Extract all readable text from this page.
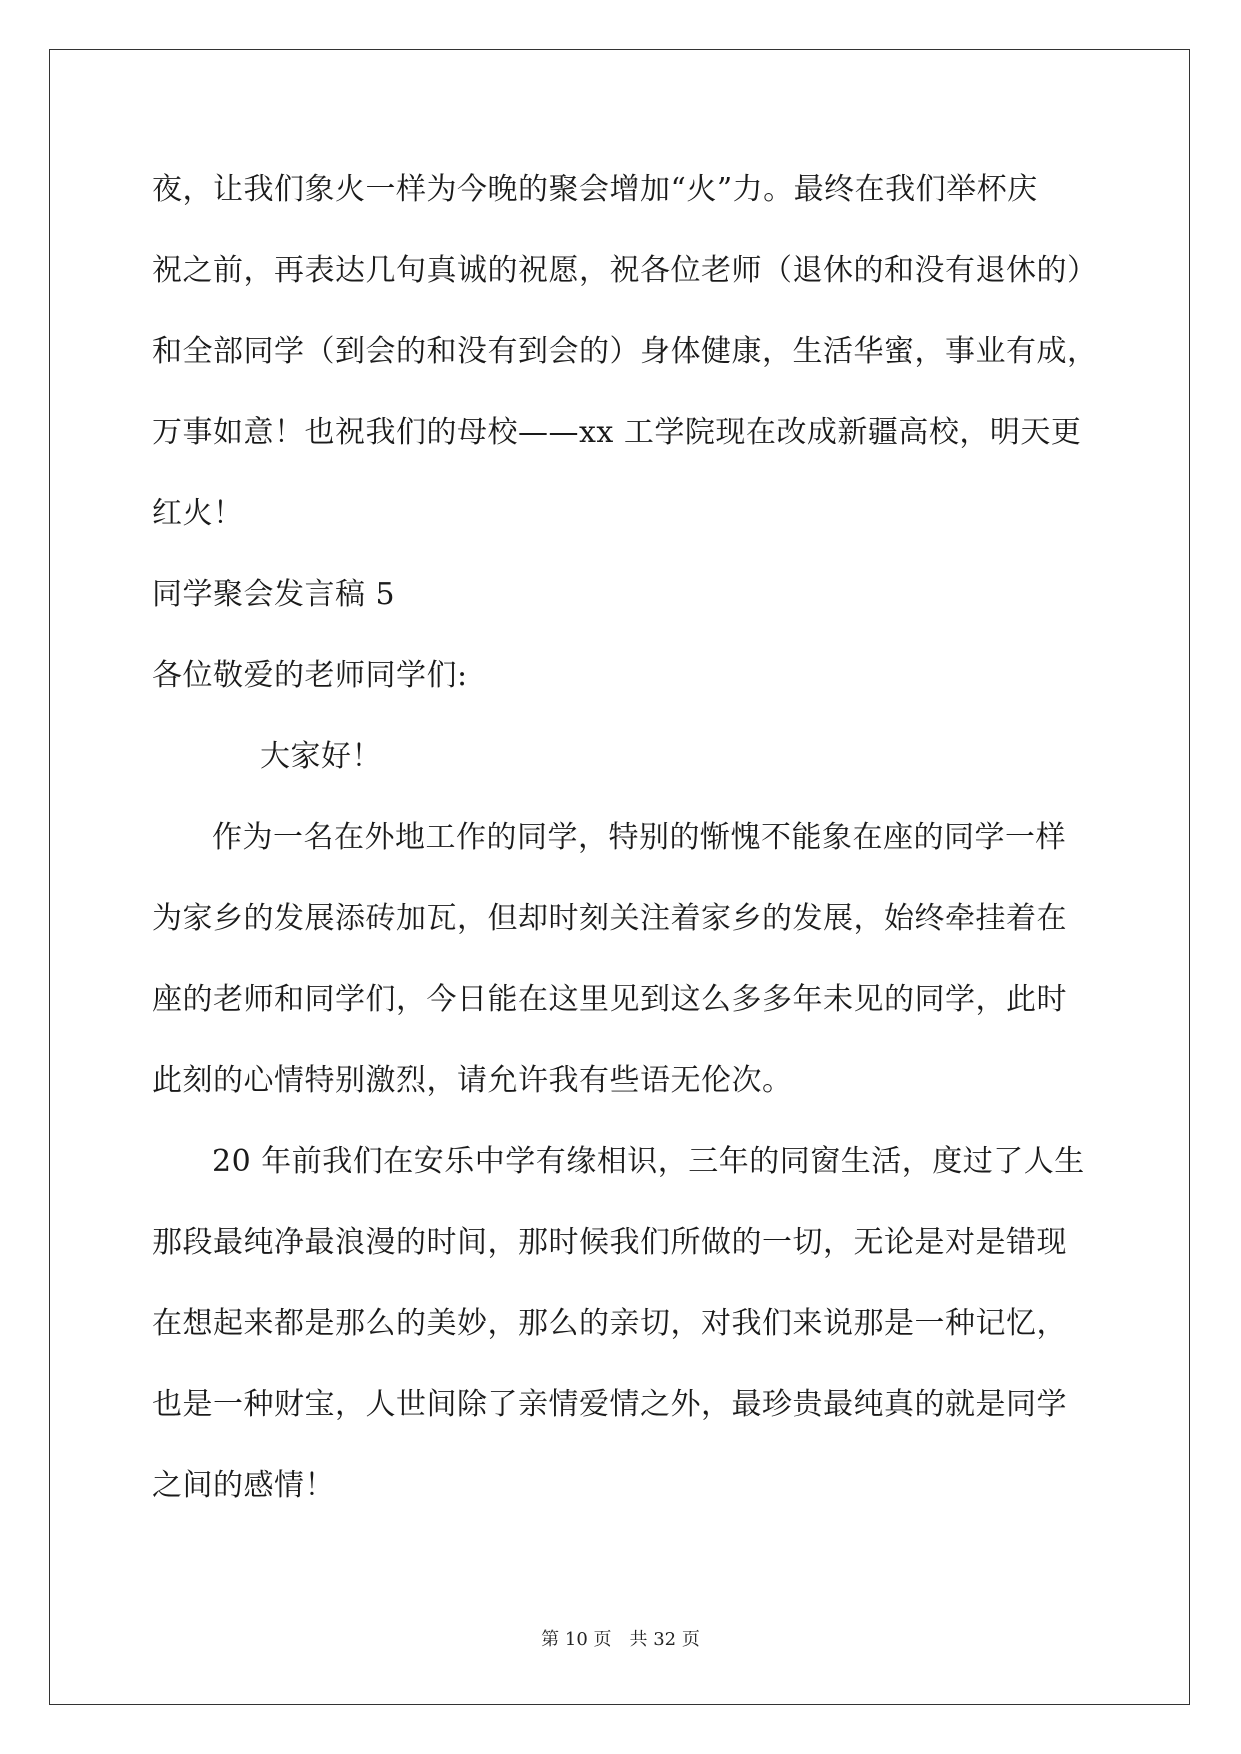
夜，让我们象火一样为今晚的聚会增加“火”力。最终在我们举杯庆
祝之前，再表达几句真诚的祝愿，祝各位老师（退休的和没有退休的）
和全部同学（到会的和没有到会的）身体健康，生活华蜜，事业有成，
万事如意！也祝我们的母校——xx 工学院现在改成新疆高校，明天更
红火！
同学聚会发言稿 5
各位敬爱的老师同学们:
大家好！
作为一名在外地工作的同学，特别的惭愧不能象在座的同学一样
为家乡的发展添砖加瓦，但却时刻关注着家乡的发展，始终牵挂着在
座的老师和同学们，今日能在这里见到这么多多年未见的同学，此时
此刻的心情特别激烈，请允许我有些语无伦次。
20 年前我们在安乐中学有缘相识，三年的同窗生活，度过了人生
那段最纯净最浪漫的时间，那时候我们所做的一切，无论是对是错现
在想起来都是那么的美妙，那么的亲切，对我们来说那是一种记忆，
也是一种财宝，人世间除了亲情爱情之外，最珍贵最纯真的就是同学
之间的感情！
第 10 页　共 32 页
